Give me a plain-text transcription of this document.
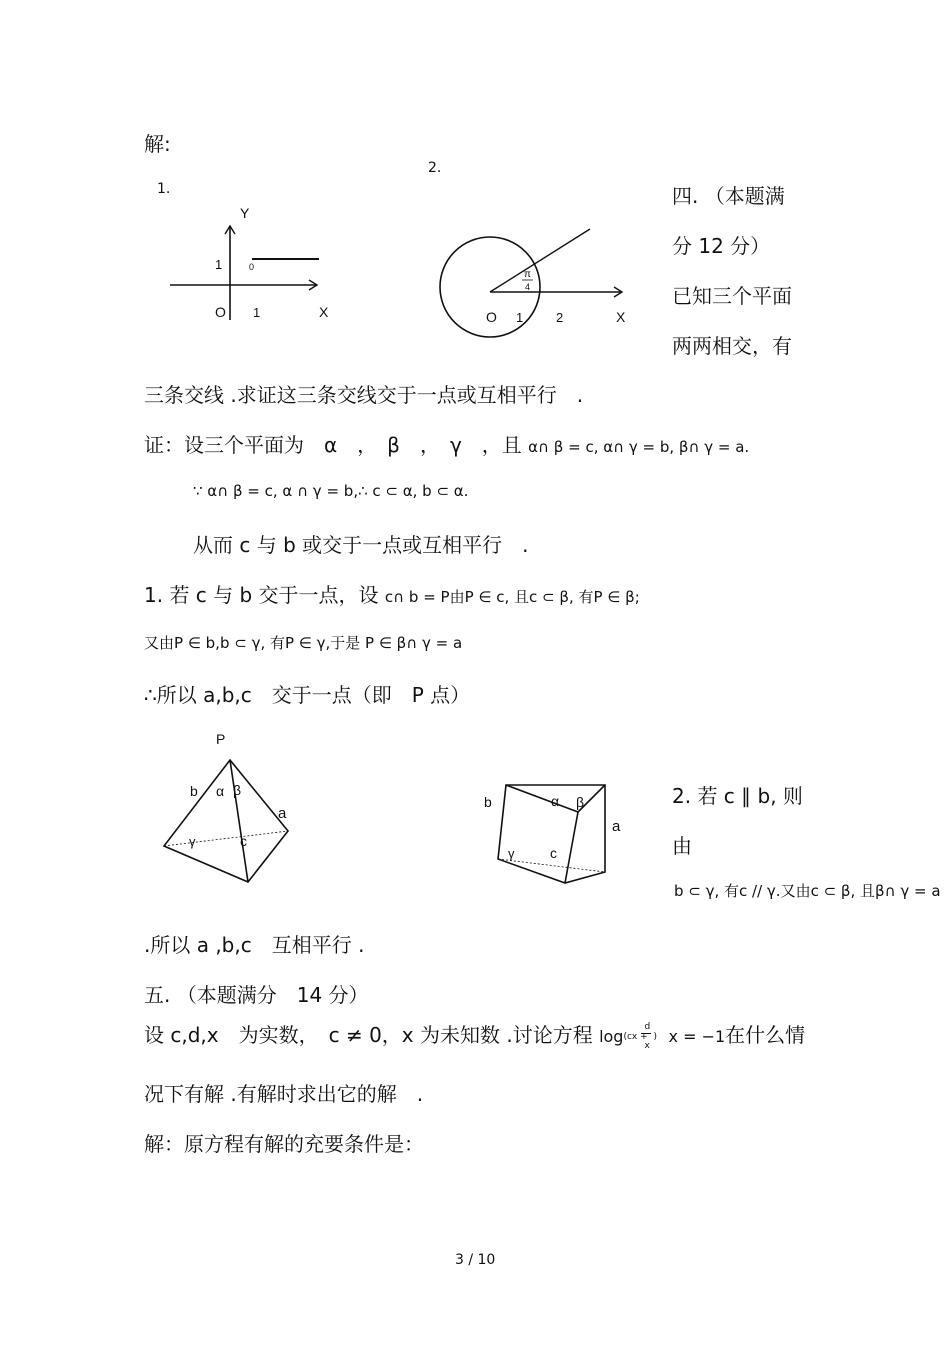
解:
1.
2.
Y
1	0
O 1	X
π
4
O 1	2	X
四. （本题满
分 12 分）
已知三个平面
两两相交，有
三条交线 .求证这三条交线交于一点或互相平行　.
证：设三个平面为　α　，　β　，　γ　，且 α∩ β = c, α∩ γ = b, β∩ γ = a.
∵ α∩ β = c, α ∩ γ = b,∴ c ⊂ α, b ⊂ α.
从而 c 与 b 或交于一点或互相平行　.
1. 若 c 与 b 交于一点，设 c∩ b = P由P ∈ c, 且c ⊂ β, 有P ∈ β;
又由P ∈ b,b ⊂ γ, 有P ∈ γ,于是 P ∈ β∩ γ = a
∴所以 a,b,c　交于一点（即　P 点）
P
b α β
a
γ	c
b	α β
a
γ	c
2. 若 c ∥ b, 则
由
b ⊂ γ, 有c // γ.又由c ⊂ β, 且β∩ γ = a
.所以 a ,b,c　互相平行 .
五. （本题满分　14 分）
设 c,d,x　为实数，　c ≠ 0，x 为未知数 .讨论方程 log (cx +
d
x
) x = −1在什么情
况下有解 .有解时求出它的解　.
解：原方程有解的充要条件是：
3 / 10
